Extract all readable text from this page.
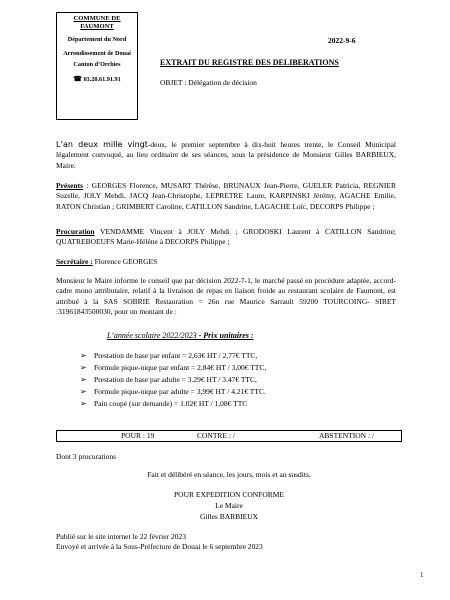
COMMUNE DE FAUMONT
Département du Nord
Arrondissement de Douai
Canton d’Orchies
☎ 03.20.61.91.91
2022-9-6
EXTRAIT DU REGISTRE DES DELIBERATIONS
OBJET : Délégation de décision
L’an deux mille vingt-deux, le premier septembre à dix-huit heures trente, le Conseil Municipal légalement convoqué, au lieu ordinaire de ses séances, sous la présidence de Monsieur Gilles BARBIEUX, Maire.
Présents : GEORGES Florence, MUSART Thérèse, BRUNAUX Jean-Pierre, GUELER Patricia, REGNIER Suzelle, JOLY Mehdi, JACQ Jean-Christophe, LEPRETRE Laure, KARPINSKI Jérémy, AGACHE Emilie, RATON Christian ; GRIMBERT Caroline, CATILLON Sandrine, LAGACHE Loïc, DECORPS Philippe ;
Procuration VENDAMME Vincent à JOLY Mehdi ; GRODOSKI Laurent à CATILLON Sandrine; QUATREBOEUFS Marie-Hélène à DECORPS Philippe ;
Secrétaire : Florence GEORGES
Monsieur le Maire informe le conseil que par décision 2022-7-1, le marché passé en procédure adaptée, accord-cadre mono attributaire, relatif à la livraison de repas en liaison froide au restaurant scolaire de Faumont, est attribué à la SAS SOBRIE Restauration = 26n rue Maurice Sarrault 59200 TOURCOING- SIRET :31961843500030, pour un montant de :
L’année scolaire 2022/2023 - Prix unitaires :
➢ Prestation de base par enfant = 2,63€ HT / 2,77€ TTC,
➢ Formule pique-nique par enfant = 2,84€ HT / 3,00€ TTC,
➢ Prestation de base par adulte = 3.29€ HT / 3.47€ TTC,
➢ Formule pique-nique par adulte = 3,99€ HT / 4.21€ TTC.
➢ Pain coupé (sur demande) = 1.02€ HT / 1,08€ TTC
POUR : 19	CONTRE : /	ABSTENTION : /
Dont 3 procurations
Fait et délibéré en séance, les jours, mois et an susdits.
POUR EXPEDITION CONFORME
Le Maire
Gilles BARBIEUX
Publié sur le site internet le 22 février 2023
Envoyé et arrivée à la Sous-Préfecture de Douai le 6 septembre 2023
1
